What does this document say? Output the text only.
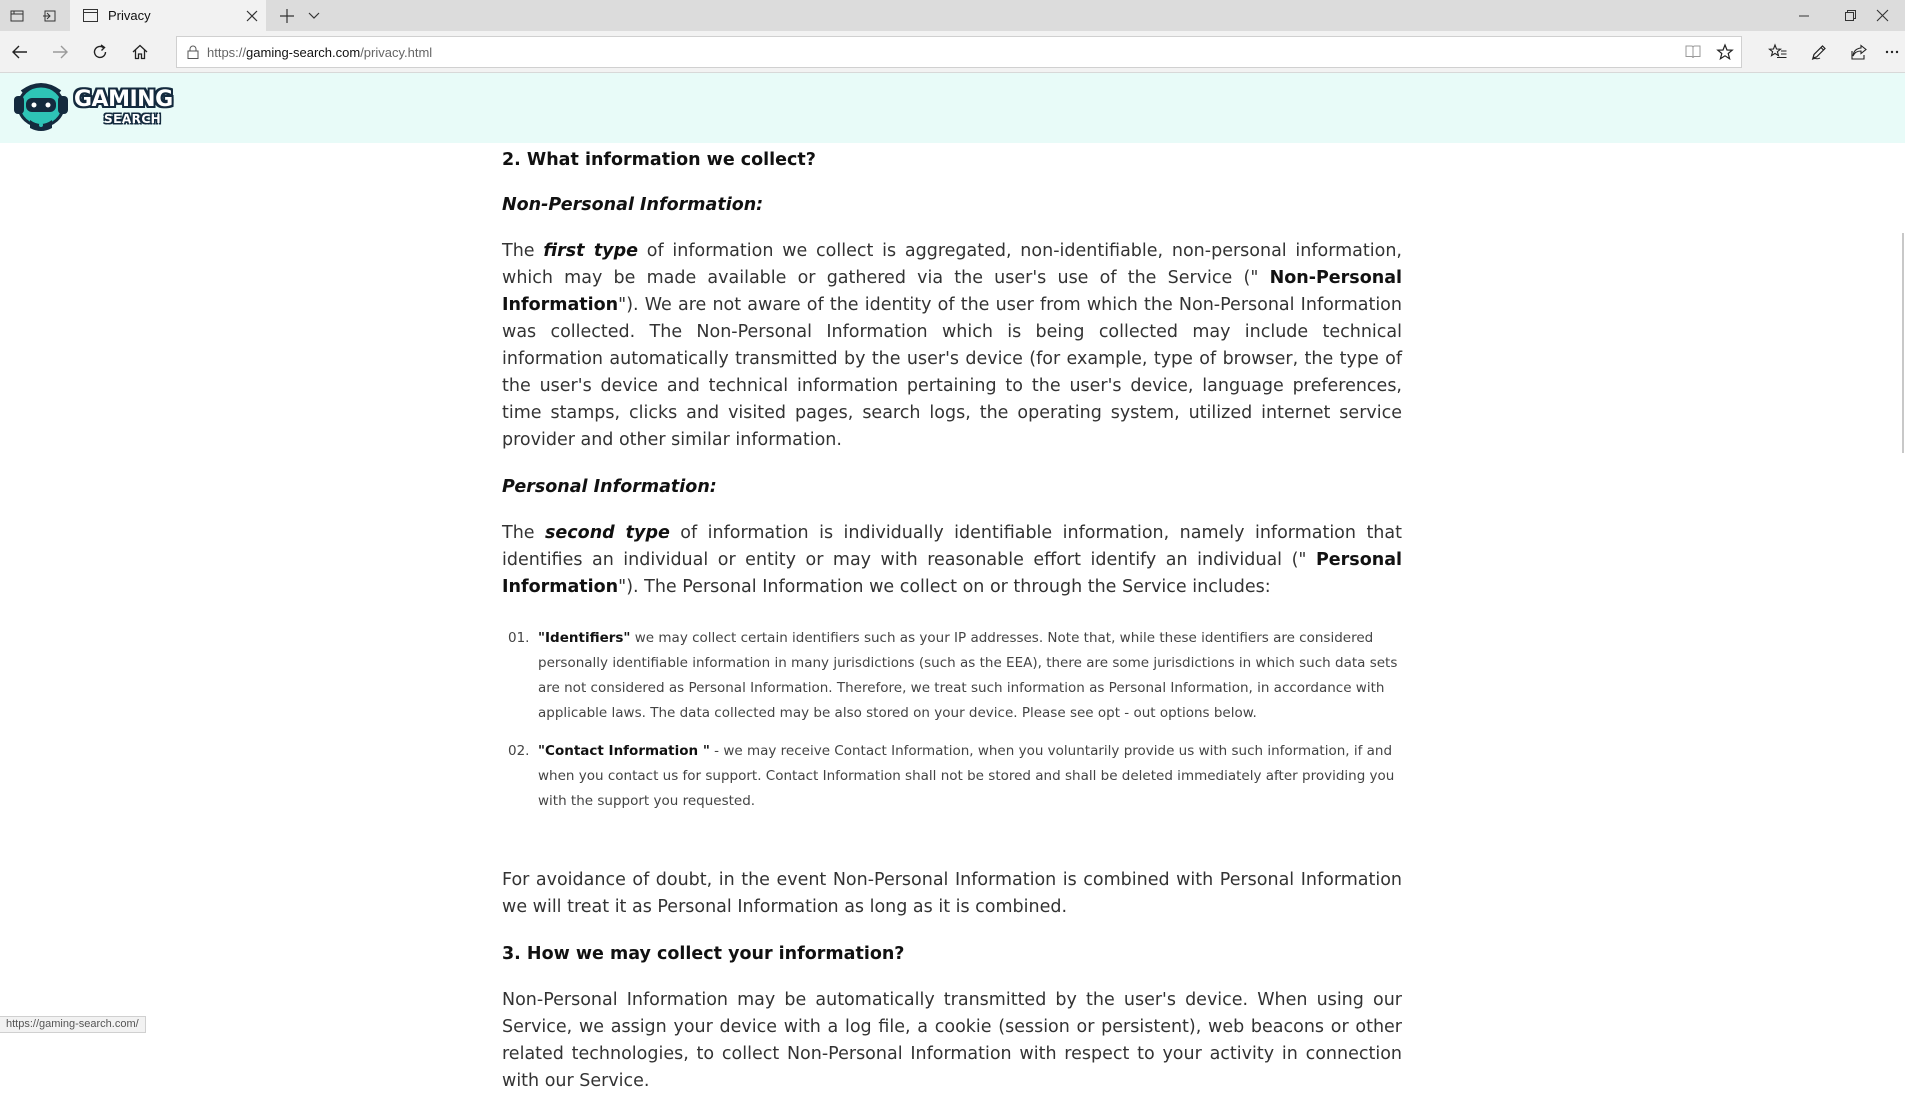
Privacy
https://gaming-search.com/privacy.html
GAMING
SEARCH
2. What information we collect?
Non-Personal Information:

The first type of information we collect is aggregated, non-identifiable, non-personal information, which may be made available or gathered via the user's use of the Service (" Non-Personal Information"). We are not aware of the identity of the user from which the Non-Personal Information was collected. The Non-Personal Information which is being collected may include technical information automatically transmitted by the user's device (for example, type of browser, the type of the user's device and technical information pertaining to the user's device, language preferences, time stamps, clicks and visited pages, search logs, the operating system, utilized internet service provider and other similar information.

Personal Information:

The second type of information is individually identifiable information, namely information that identifies an individual or entity or may with reasonable effort identify an individual (" Personal Information"). The Personal Information we collect on or through the Service includes:

01. "Identifiers" we may collect certain identifiers such as your IP addresses. Note that, while these identifiers are considered personally identifiable information in many jurisdictions (such as the EEA), there are some jurisdictions in which such data sets are not considered as Personal Information. Therefore, we treat such information as Personal Information, in accordance with applicable laws. The data collected may be also stored on your device. Please see opt - out options below.
02. "Contact Information " - we may receive Contact Information, when you voluntarily provide us with such information, if and when you contact us for support. Contact Information shall not be stored and shall be deleted immediately after providing you with the support you requested.

For avoidance of doubt, in the event Non-Personal Information is combined with Personal Information we will treat it as Personal Information as long as it is combined.

3. How we may collect your information?

Non-Personal Information may be automatically transmitted by the user's device. When using our Service, we assign your device with a log file, a cookie (session or persistent), web beacons or other related technologies, to collect Non-Personal Information with respect to your activity in connection with our Service.

https://gaming-search.com/
